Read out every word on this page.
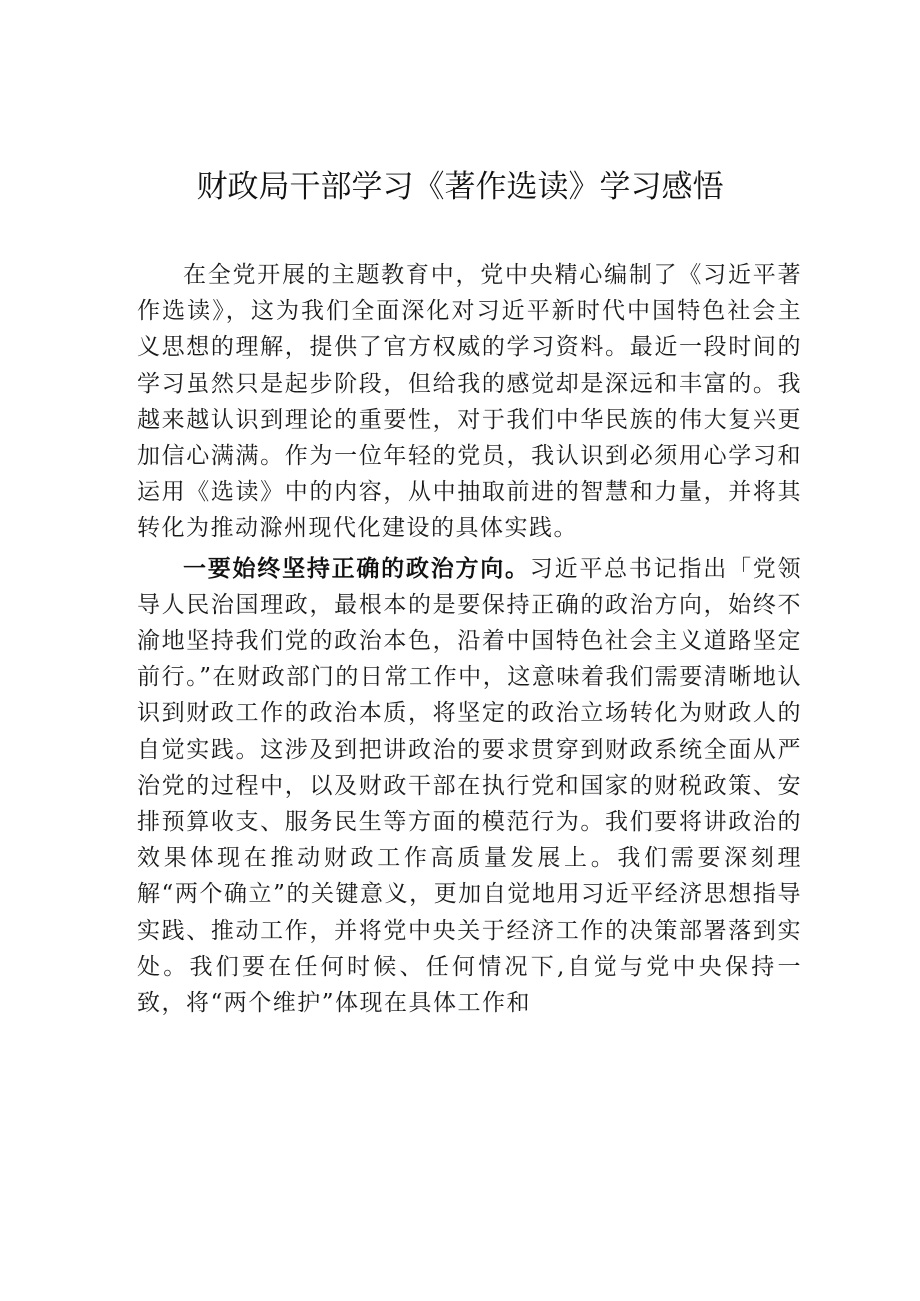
财政局干部学习《著作选读》学习感悟

在全党开展的主题教育中，党中央精心编制了《习近平著作选读》，这为我们全面深化对习近平新时代中国特色社会主义思想的理解，提供了官方权威的学习资料。最近一段时间的学习虽然只是起步阶段，但给我的感觉却是深远和丰富的。我越来越认识到理论的重要性，对于我们中华民族的伟大复兴更加信心满满。作为一位年轻的党员，我认识到必须用心学习和运用《选读》中的内容，从中抽取前进的智慧和力量，并将其转化为推动滁州现代化建设的具体实践。

一要始终坚持正确的政治方向。习近平总书记指出「党领导人民治国理政，最根本的是要保持正确的政治方向，始终不渝地坚持我们党的政治本色，沿着中国特色社会主义道路坚定前行。”在财政部门的日常工作中，这意味着我们需要清晰地认识到财政工作的政治本质，将坚定的政治立场转化为财政人的自觉实践。这涉及到把讲政治的要求贯穿到财政系统全面从严治党的过程中，以及财政干部在执行党和国家的财税政策、安排预算收支、服务民生等方面的模范行为。我们要将讲政治的效果体现在推动财政工作高质量发展上。我们需要深刻理解“两个确立”的关键意义，更加自觉地用习近平经济思想指导实践、推动工作，并将党中央关于经济工作的决策部署落到实处。我们要在任何时候、任何情况下,自觉与党中央保持一致，将“两个维护”体现在具体工作和
